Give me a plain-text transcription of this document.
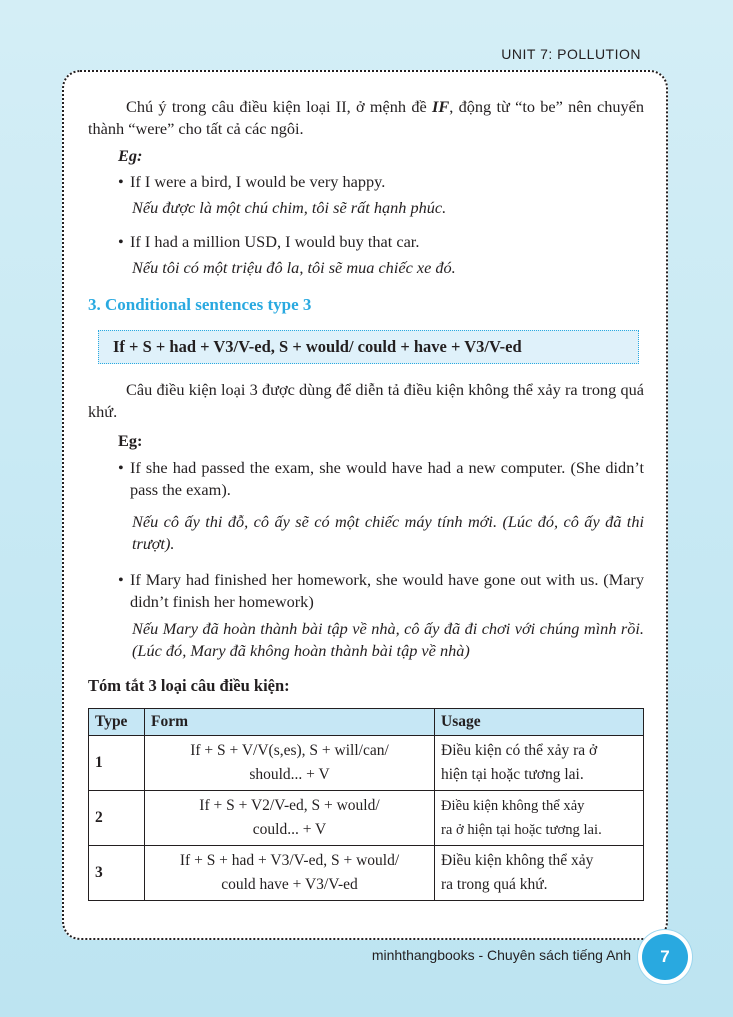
UNIT 7: POLLUTION

Chú ý trong câu điều kiện loại II, ở mệnh đề IF, động từ “to be” nên chuyển thành “were” cho tất cả các ngôi.

Eg:

• If I were a bird, I would be very happy.

Nếu được là một chú chim, tôi sẽ rất hạnh phúc.

• If I had a million USD, I would buy that car.

Nếu tôi có một triệu đô la, tôi sẽ mua chiếc xe đó.

3. Conditional sentences type 3

If + S + had + V3/V-ed, S + would/ could + have + V3/V-ed

Câu điều kiện loại 3 được dùng để diễn tả điều kiện không thể xảy ra trong quá khứ.

Eg:

• If she had passed the exam, she would have had a new computer. (She didn’t pass the exam).

Nếu cô ấy thi đỗ, cô ấy sẽ có một chiếc máy tính mới. (Lúc đó, cô ấy đã thi trượt).

• If Mary had finished her homework, she would have gone out with us. (Mary didn’t finish her homework)

Nếu Mary đã hoàn thành bài tập về nhà, cô ấy đã đi chơi với chúng mình rồi. (Lúc đó, Mary đã không hoàn thành bài tập về nhà)

Tóm tắt 3 loại câu điều kiện:

Type	Form	Usage
1	If + S + V/V(s,es), S + will/can/
should... + V	Điều kiện có thể xảy ra ở
hiện tại hoặc tương lai.
2	If + S + V2/V-ed, S + would/
could... + V	Điều kiện không thể xảy
ra ở hiện tại hoặc tương lai.
3	If + S + had + V3/V-ed, S + would/
could have + V3/V-ed	Điều kiện không thể xảy
ra trong quá khứ.
minhthangbooks - Chuyên sách tiếng Anh	7
